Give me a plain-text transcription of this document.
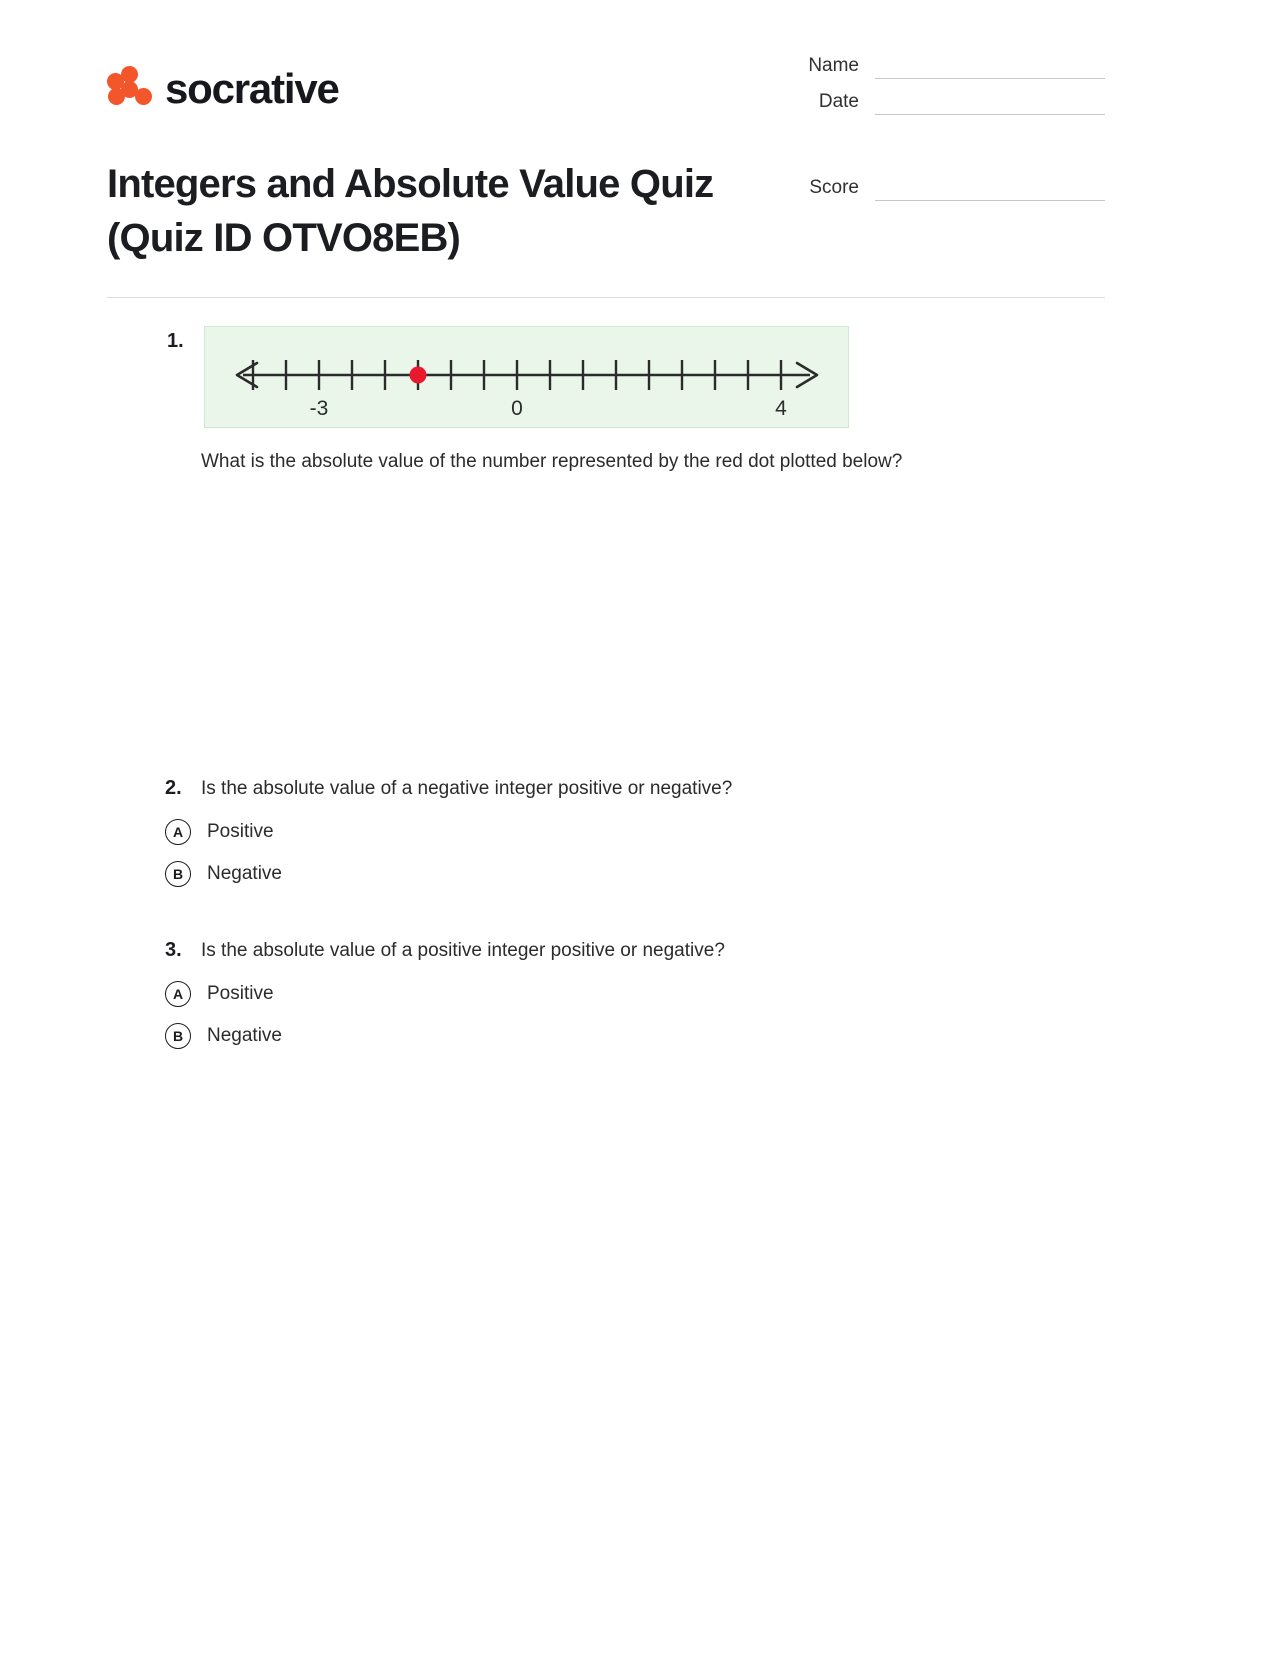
socrative	Name
Date
Score
Integers and Absolute Value Quiz (Quiz ID OTVO8EB)
1.
-3	0	4
What is the absolute value of the number represented by the red dot plotted below?
2. Is the absolute value of a negative integer positive or negative?
A	Positive
B	Negative
3. Is the absolute value of a positive integer positive or negative?
A	Positive
B	Negative
